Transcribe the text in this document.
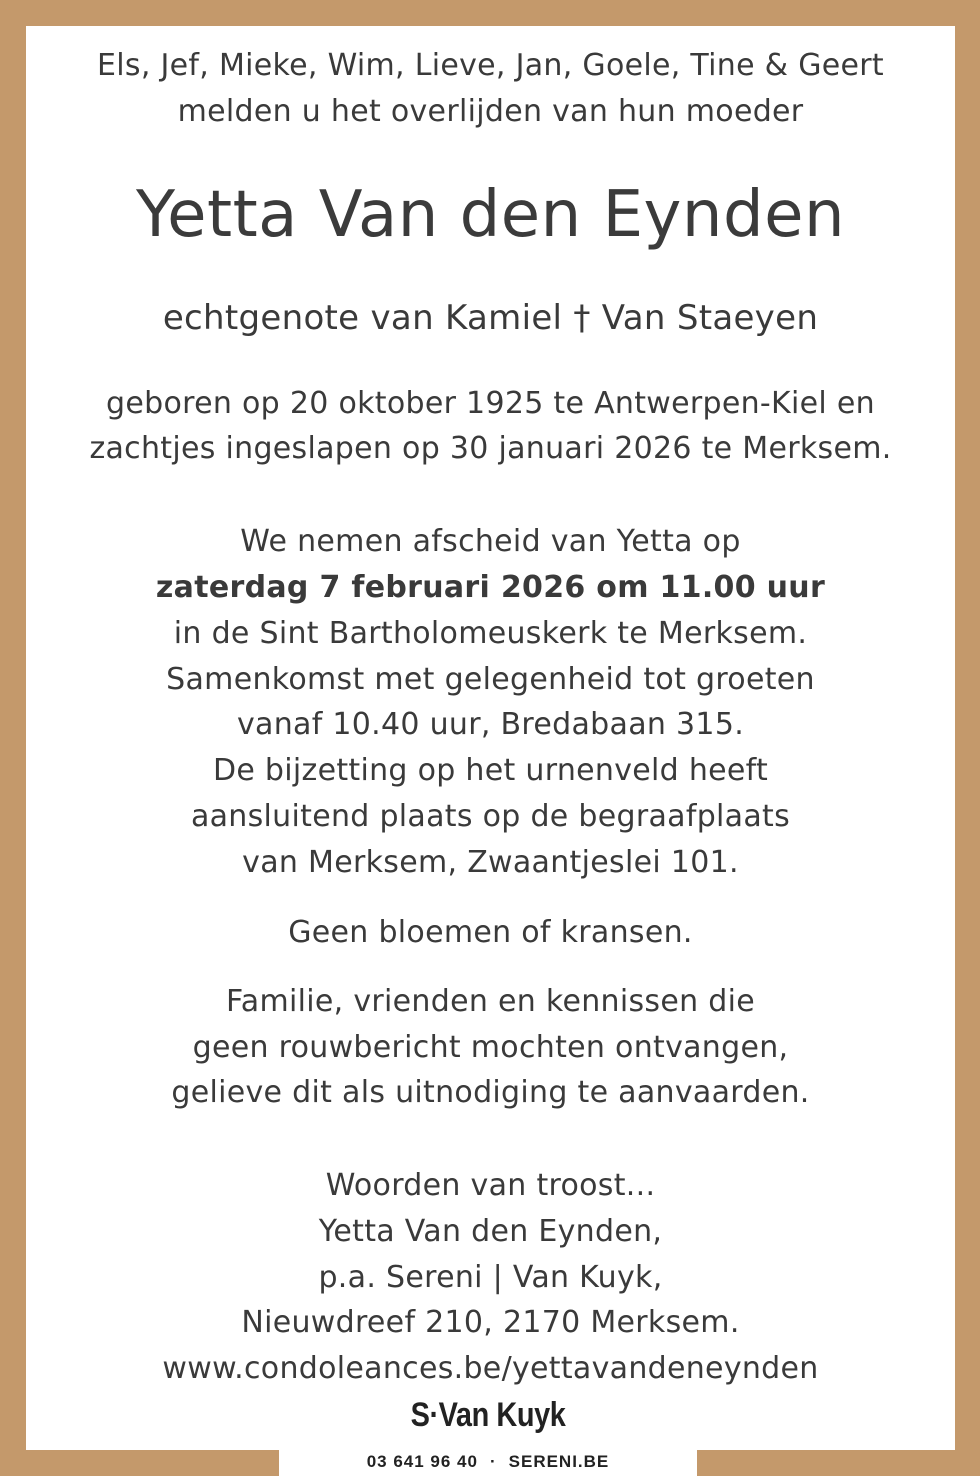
Els, Jef, Mieke, Wim, Lieve, Jan, Goele, Tine & Geert
melden u het overlijden van hun moeder
Yetta Van den Eynden
echtgenote van Kamiel † Van Staeyen
geboren op 20 oktober 1925 te Antwerpen-Kiel en
zachtjes ingeslapen op 30 januari 2026 te Merksem.
We nemen afscheid van Yetta op
zaterdag 7 februari 2026 om 11.00 uur
in de Sint Bartholomeuskerk te Merksem.
Samenkomst met gelegenheid tot groeten
vanaf 10.40 uur, Bredabaan 315.
De bijzetting op het urnenveld heeft
aansluitend plaats op de begraafplaats
van Merksem, Zwaantjeslei 101.
Geen bloemen of kransen.
Familie, vrienden en kennissen die
geen rouwbericht mochten ontvangen,
gelieve dit als uitnodiging te aanvaarden.
Woorden van troost...
Yetta Van den Eynden,
p.a. Sereni | Van Kuyk,
Nieuwdreef 210, 2170 Merksem.
www.condoleances.be/yettavandeneynden
S·Van Kuyk
03 641 96 40 · SERENI.BE
